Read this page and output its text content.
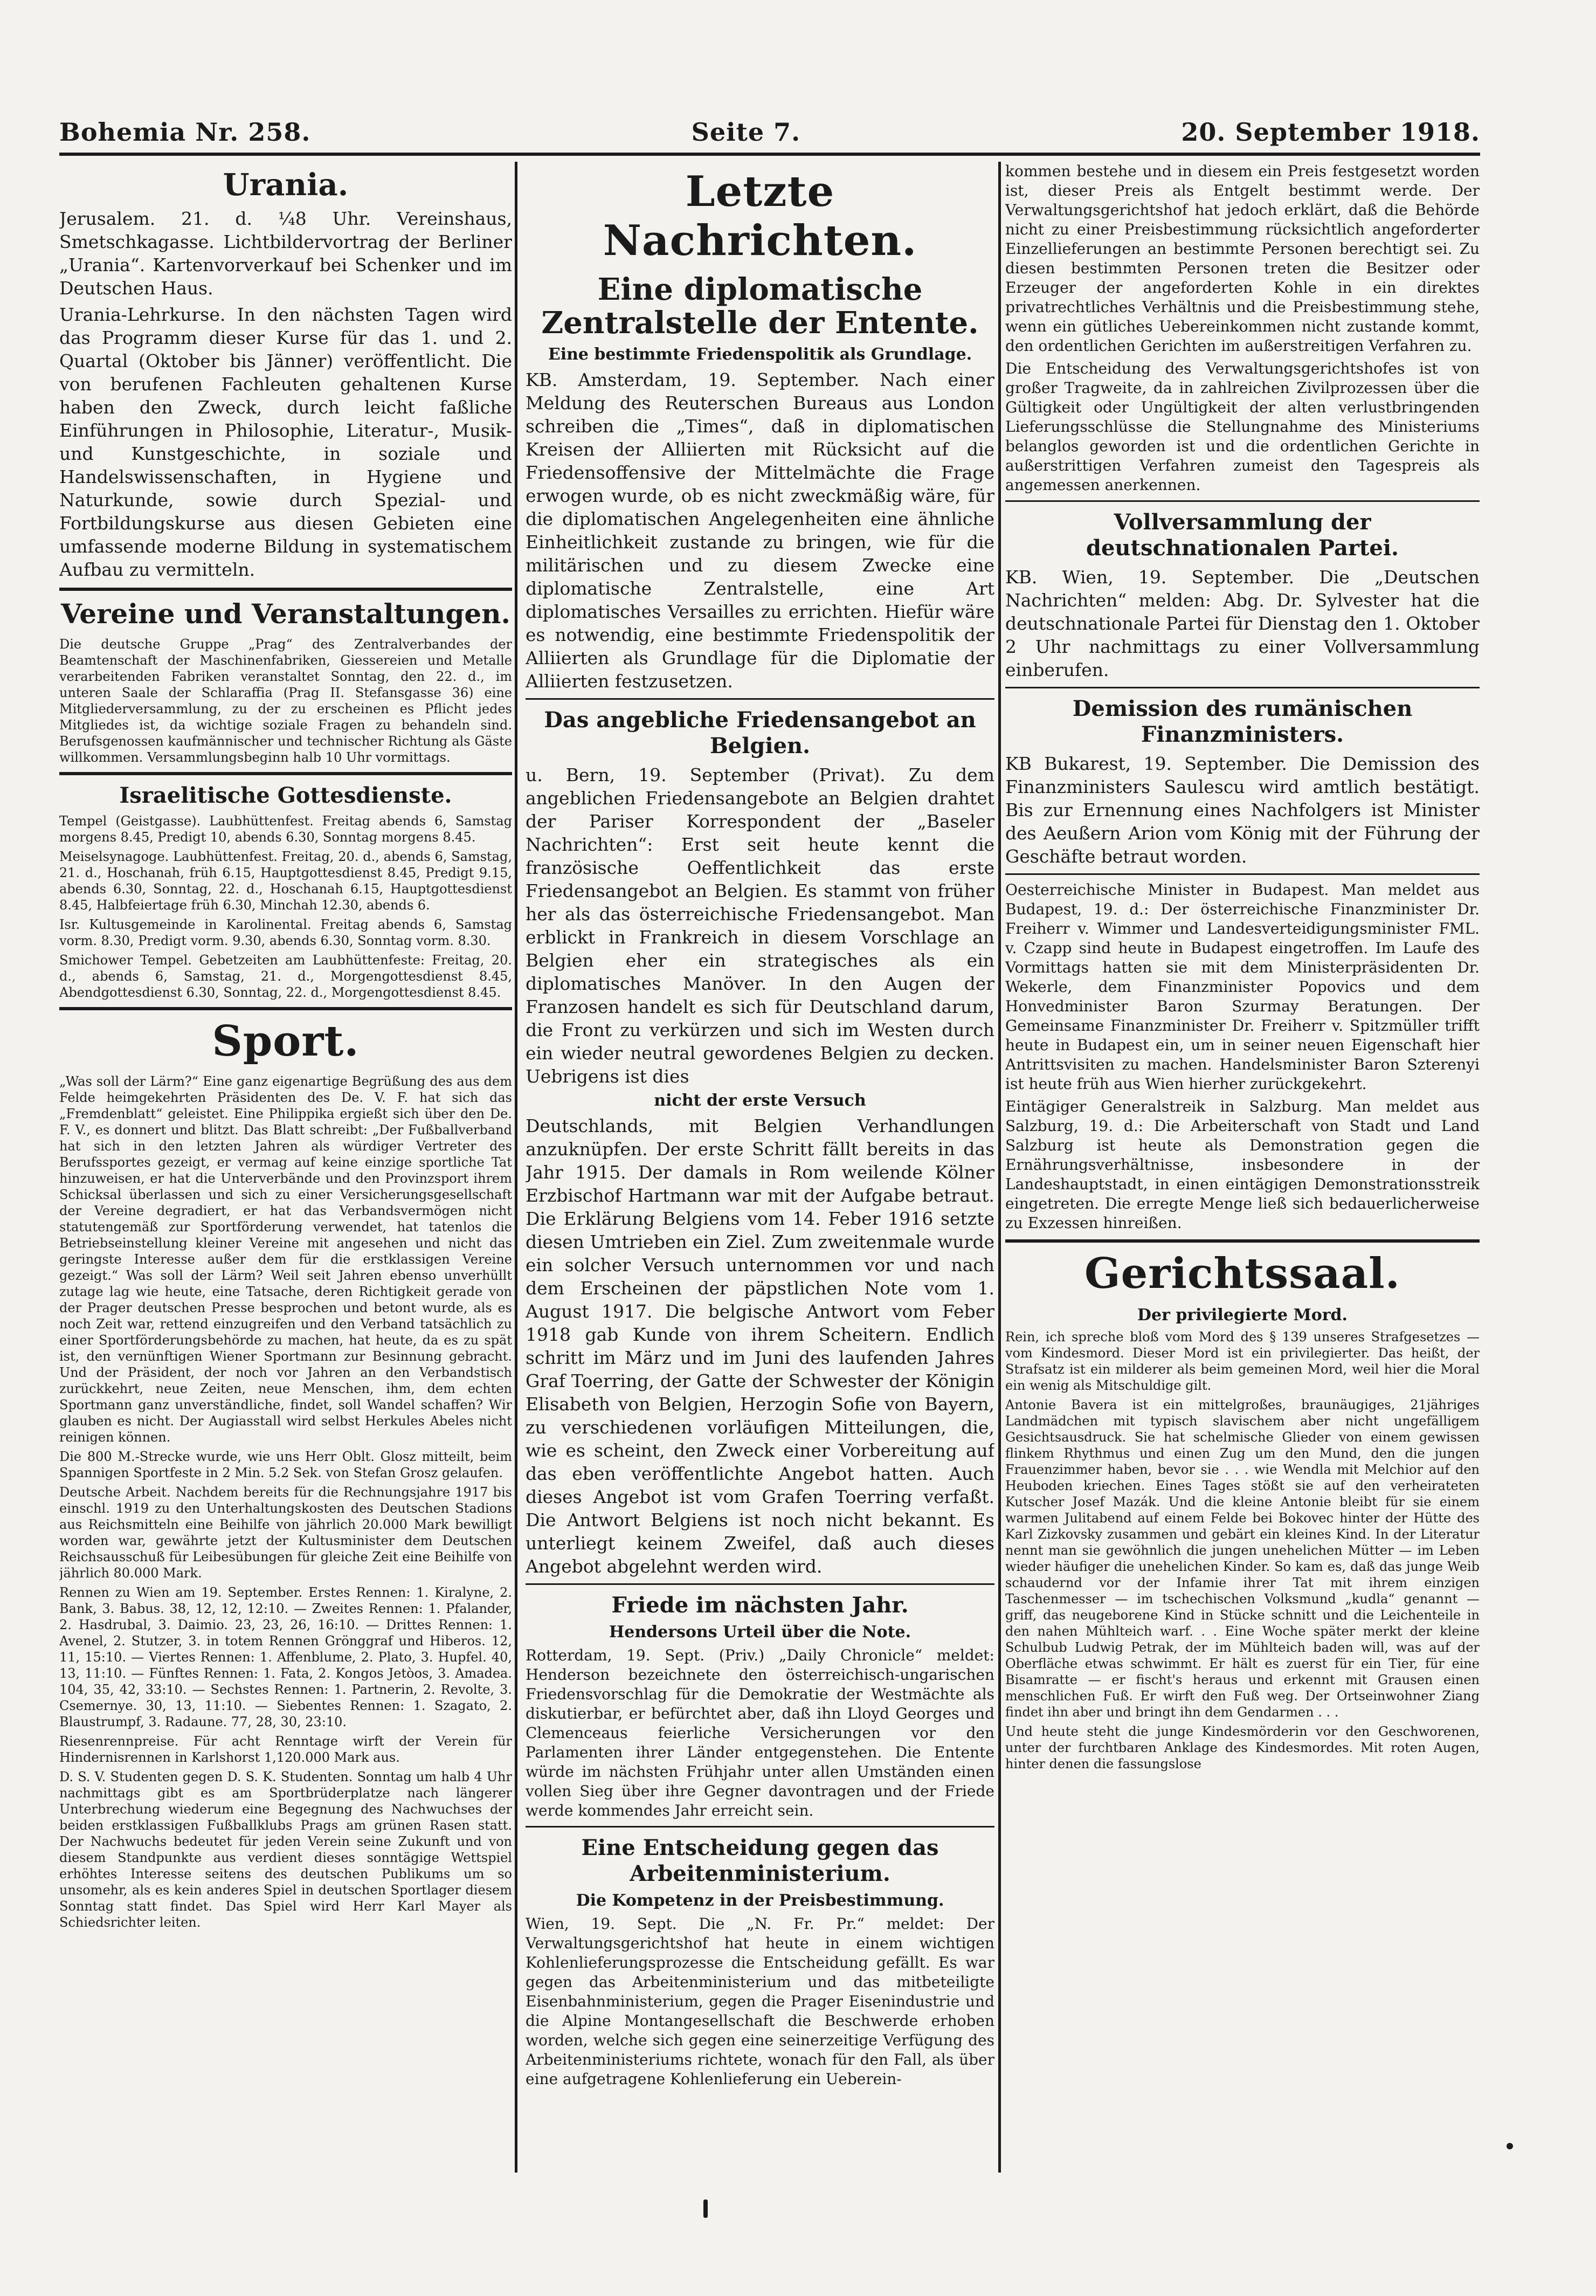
Bohemia Nr. 258.	Seite 7.	20. September 1918.
Urania.

Jerusalem. 21. d. ¼8 Uhr. Vereinshaus, Smetschkagasse. Lichtbildervortrag der Berliner „Urania“. Kartenvorverkauf bei Schenker und im Deutschen Haus.

Urania-Lehrkurse. In den nächsten Tagen wird das Programm dieser Kurse für das 1. und 2. Quartal (Oktober bis Jänner) veröffentlicht. Die von berufenen Fachleuten gehaltenen Kurse haben den Zweck, durch leicht faßliche Einführungen in Philosophie, Literatur-, Musik- und Kunstgeschichte, in soziale und Handelswissenschaften, in Hygiene und Naturkunde, sowie durch Spezial- und Fortbildungskurse aus diesen Gebieten eine umfassende moderne Bildung in systematischem Aufbau zu vermitteln.

Vereine und Veranstaltungen.

Die deutsche Gruppe „Prag“ des Zentralverbandes der Beamtenschaft der Maschinenfabriken, Giessereien und Metalle verarbeitenden Fabriken veranstaltet Sonntag, den 22. d., im unteren Saale der Schlaraffia (Prag II. Stefansgasse 36) eine Mitgliederversammlung, zu der zu erscheinen es Pflicht jedes Mitgliedes ist, da wichtige soziale Fragen zu behandeln sind. Berufsgenossen kaufmännischer und technischer Richtung als Gäste willkommen. Versammlungsbeginn halb 10 Uhr vormittags.

Israelitische Gottesdienste.

Tempel (Geistgasse). Laubhüttenfest. Freitag abends 6, Samstag morgens 8.45, Predigt 10, abends 6.30, Sonntag morgens 8.45.

Meiselsynagoge. Laubhüttenfest. Freitag, 20. d., abends 6, Samstag, 21. d., Hoschanah, früh 6.15, Hauptgottesdienst 8.45, Predigt 9.15, abends 6.30, Sonntag, 22. d., Hoschanah 6.15, Hauptgottesdienst 8.45, Halbfeiertage früh 6.30, Minchah 12.30, abends 6.

Isr. Kultusgemeinde in Karolinental. Freitag abends 6, Samstag vorm. 8.30, Predigt vorm. 9.30, abends 6.30, Sonntag vorm. 8.30.

Smichower Tempel. Gebetzeiten am Laubhüttenfeste: Freitag, 20. d., abends 6, Samstag, 21. d., Morgengottesdienst 8.45, Abendgottesdienst 6.30, Sonntag, 22. d., Morgengottesdienst 8.45.

Sport.

„Was soll der Lärm?“ Eine ganz eigenartige Begrüßung des aus dem Felde heimgekehrten Präsidenten des De. V. F. hat sich das „Fremdenblatt“ geleistet. Eine Philippika ergießt sich über den De. F. V., es donnert und blitzt. Das Blatt schreibt: „Der Fußballverband hat sich in den letzten Jahren als würdiger Vertreter des Berufssportes gezeigt, er vermag auf keine einzige sportliche Tat hinzuweisen, er hat die Unterverbände und den Provinzsport ihrem Schicksal überlassen und sich zu einer Versicherungsgesellschaft der Vereine degradiert, er hat das Verbandsvermögen nicht statutengemäß zur Sportförderung verwendet, hat tatenlos die Betriebseinstellung kleiner Vereine mit angesehen und nicht das geringste Interesse außer dem für die erstklassigen Vereine gezeigt.“ Was soll der Lärm? Weil seit Jahren ebenso unverhüllt zutage lag wie heute, eine Tatsache, deren Richtigkeit gerade von der Prager deutschen Presse besprochen und betont wurde, als es noch Zeit war, rettend einzugreifen und den Verband tatsächlich zu einer Sportförderungsbehörde zu machen, hat heute, da es zu spät ist, den vernünftigen Wiener Sportmann zur Besinnung gebracht. Und der Präsident, der noch vor Jahren an den Verbandstisch zurückkehrt, neue Zeiten, neue Menschen, ihm, dem echten Sportmann ganz unverständliche, findet, soll Wandel schaffen? Wir glauben es nicht. Der Augiasstall wird selbst Herkules Abeles nicht reinigen können.

Die 800 M.-Strecke wurde, wie uns Herr Oblt. Glosz mitteilt, beim Spannigen Sportfeste in 2 Min. 5.2 Sek. von Stefan Grosz gelaufen.

Deutsche Arbeit. Nachdem bereits für die Rechnungsjahre 1917 bis einschl. 1919 zu den Unterhaltungskosten des Deutschen Stadions aus Reichsmitteln eine Beihilfe von jährlich 20.000 Mark bewilligt worden war, gewährte jetzt der Kultusminister dem Deutschen Reichsausschuß für Leibesübungen für gleiche Zeit eine Beihilfe von jährlich 80.000 Mark.

Rennen zu Wien am 19. September. Erstes Rennen: 1. Kiralyne, 2. Bank, 3. Babus. 38, 12, 12, 12:10. — Zweites Rennen: 1. Pfalander, 2. Hasdrubal, 3. Daimio. 23, 23, 26, 16:10. — Drittes Rennen: 1. Avenel, 2. Stutzer, 3. in totem Rennen Grönggraf und Hiberos. 12, 11, 15:10. — Viertes Rennen: 1. Affenblume, 2. Plato, 3. Hupfel. 40, 13, 11:10. — Fünftes Rennen: 1. Fata, 2. Kongos Jetòos, 3. Amadea. 104, 35, 42, 33:10. — Sechstes Rennen: 1. Partnerin, 2. Revolte, 3. Csemernye. 30, 13, 11:10. — Siebentes Rennen: 1. Szagato, 2. Blaustrumpf, 3. Radaune. 77, 28, 30, 23:10.

Riesenrennpreise. Für acht Renntage wirft der Verein für Hindernisrennen in Karlshorst 1,120.000 Mark aus.

D. S. V. Studenten gegen D. S. K. Studenten. Sonntag um halb 4 Uhr nachmittags gibt es am Sportbrüderplatze nach längerer Unterbrechung wiederum eine Begegnung des Nachwuchses der beiden erstklassigen Fußballklubs Prags am grünen Rasen statt. Der Nachwuchs bedeutet für jeden Verein seine Zukunft und von diesem Standpunkte aus verdient dieses sonntägige Wettspiel erhöhtes Interesse seitens des deutschen Publikums um so unsomehr, als es kein anderes Spiel in deutschen Sportlager diesem Sonntag statt findet. Das Spiel wird Herr Karl Mayer als Schiedsrichter leiten.

Letzte Nachrichten.
Eine diplomatische Zentralstelle der Entente.
Eine bestimmte Friedenspolitik als Grundlage.

KB. Amsterdam, 19. September. Nach einer Meldung des Reuterschen Bureaus aus London schreiben die „Times“, daß in diplomatischen Kreisen der Alliierten mit Rücksicht auf die Friedensoffensive der Mittelmächte die Frage erwogen wurde, ob es nicht zweckmäßig wäre, für die diplomatischen Angelegenheiten eine ähnliche Einheitlichkeit zustande zu bringen, wie für die militärischen und zu diesem Zwecke eine diplomatische Zentralstelle, eine Art diplomatisches Versailles zu errichten. Hiefür wäre es notwendig, eine bestimmte Friedenspolitik der Alliierten als Grundlage für die Diplomatie der Alliierten festzusetzen.

Das angebliche Friedensangebot an Belgien.

u. Bern, 19. September (Privat). Zu dem angeblichen Friedensangebote an Belgien drahtet der Pariser Korrespondent der „Baseler Nachrichten“: Erst seit heute kennt die französische Oeffentlichkeit das erste Friedensangebot an Belgien. Es stammt von früher her als das österreichische Friedensangebot. Man erblickt in Frankreich in diesem Vorschlage an Belgien eher ein strategisches als ein diplomatisches Manöver. In den Augen der Franzosen handelt es sich für Deutschland darum, die Front zu verkürzen und sich im Westen durch ein wieder neutral gewordenes Belgien zu decken. Uebrigens ist dies

nicht der erste Versuch

Deutschlands, mit Belgien Verhandlungen anzuknüpfen. Der erste Schritt fällt bereits in das Jahr 1915. Der damals in Rom weilende Kölner Erzbischof Hartmann war mit der Aufgabe betraut. Die Erklärung Belgiens vom 14. Feber 1916 setzte diesen Umtrieben ein Ziel. Zum zweitenmale wurde ein solcher Versuch unternommen vor und nach dem Erscheinen der päpstlichen Note vom 1. August 1917. Die belgische Antwort vom Feber 1918 gab Kunde von ihrem Scheitern. Endlich schritt im März und im Juni des laufenden Jahres Graf Toerring, der Gatte der Schwester der Königin Elisabeth von Belgien, Herzogin Sofie von Bayern, zu verschiedenen vorläufigen Mitteilungen, die, wie es scheint, den Zweck einer Vorbereitung auf das eben veröffentlichte Angebot hatten. Auch dieses Angebot ist vom Grafen Toerring verfaßt. Die Antwort Belgiens ist noch nicht bekannt. Es unterliegt keinem Zweifel, daß auch dieses Angebot abgelehnt werden wird.

Friede im nächsten Jahr.
Hendersons Urteil über die Note.

Rotterdam, 19. Sept. (Priv.) „Daily Chronicle“ meldet: Henderson bezeichnete den österreichisch-ungarischen Friedensvorschlag für die Demokratie der Westmächte als diskutierbar, er befürchtet aber, daß ihn Lloyd Georges und Clemenceaus feierliche Versicherungen vor den Parlamenten ihrer Länder entgegenstehen. Die Entente würde im nächsten Frühjahr unter allen Umständen einen vollen Sieg über ihre Gegner davontragen und der Friede werde kommendes Jahr erreicht sein.

Eine Entscheidung gegen das Arbeitenministerium.
Die Kompetenz in der Preisbestimmung.

Wien, 19. Sept. Die „N. Fr. Pr.“ meldet: Der Verwaltungsgerichtshof hat heute in einem wichtigen Kohlenlieferungsprozesse die Entscheidung gefällt. Es war gegen das Arbeitenministerium und das mitbeteiligte Eisenbahnministerium, gegen die Prager Eisenindustrie und die Alpine Montangesellschaft die Beschwerde erhoben worden, welche sich gegen eine seinerzeitige Verfügung des Arbeitenministeriums richtete, wonach für den Fall, als über eine aufgetragene Kohlenlieferung ein Ueberein-

kommen bestehe und in diesem ein Preis festgesetzt worden ist, dieser Preis als Entgelt bestimmt werde. Der Verwaltungsgerichtshof hat jedoch erklärt, daß die Behörde nicht zu einer Preisbestimmung rücksichtlich angeforderter Einzellieferungen an bestimmte Personen berechtigt sei. Zu diesen bestimmten Personen treten die Besitzer oder Erzeuger der angeforderten Kohle in ein direktes privatrechtliches Verhältnis und die Preisbestimmung stehe, wenn ein gütliches Uebereinkommen nicht zustande kommt, den ordentlichen Gerichten im außerstreitigen Verfahren zu.

Die Entscheidung des Verwaltungsgerichtshofes ist von großer Tragweite, da in zahlreichen Zivilprozessen über die Gültigkeit oder Ungültigkeit der alten verlustbringenden Lieferungsschlüsse die Stellungnahme des Ministeriums belanglos geworden ist und die ordentlichen Gerichte in außerstrittigen Verfahren zumeist den Tagespreis als angemessen anerkennen.

Vollversammlung der deutschnationalen Partei.

KB. Wien, 19. September. Die „Deutschen Nachrichten“ melden: Abg. Dr. Sylvester hat die deutschnationale Partei für Dienstag den 1. Oktober 2 Uhr nachmittags zu einer Vollversammlung einberufen.

Demission des rumänischen Finanzministers.

KB Bukarest, 19. September. Die Demission des Finanzministers Saulescu wird amtlich bestätigt. Bis zur Ernennung eines Nachfolgers ist Minister des Aeußern Arion vom König mit der Führung der Geschäfte betraut worden.

Oesterreichische Minister in Budapest. Man meldet aus Budapest, 19. d.: Der österreichische Finanzminister Dr. Freiherr v. Wimmer und Landesverteidigungsminister FML. v. Czapp sind heute in Budapest eingetroffen. Im Laufe des Vormittags hatten sie mit dem Ministerpräsidenten Dr. Wekerle, dem Finanzminister Popovics und dem Honvedminister Baron Szurmay Beratungen. Der Gemeinsame Finanzminister Dr. Freiherr v. Spitzmüller trifft heute in Budapest ein, um in seiner neuen Eigenschaft hier Antrittsvisiten zu machen. Handelsminister Baron Szterenyi ist heute früh aus Wien hierher zurückgekehrt.

Eintägiger Generalstreik in Salzburg. Man meldet aus Salzburg, 19. d.: Die Arbeiterschaft von Stadt und Land Salzburg ist heute als Demonstration gegen die Ernährungsverhältnisse, insbesondere in der Landeshauptstadt, in einen eintägigen Demonstrationsstreik eingetreten. Die erregte Menge ließ sich bedauerlicherweise zu Exzessen hinreißen.

Gerichtssaal.
Der privilegierte Mord.

Rein, ich spreche bloß vom Mord des § 139 unseres Strafgesetzes — vom Kindesmord. Dieser Mord ist ein privilegierter. Das heißt, der Strafsatz ist ein milderer als beim gemeinen Mord, weil hier die Moral ein wenig als Mitschuldige gilt.

Antonie Bavera ist ein mittelgroßes, braunäugiges, 21jähriges Landmädchen mit typisch slavischem aber nicht ungefälligem Gesichtsausdruck. Sie hat schelmische Glieder von einem gewissen flinkem Rhythmus und einen Zug um den Mund, den die jungen Frauenzimmer haben, bevor sie . . . wie Wendla mit Melchior auf den Heuboden kriechen. Eines Tages stößt sie auf den verheirateten Kutscher Josef Mazák. Und die kleine Antonie bleibt für sie einem warmen Julitabend auf einem Felde bei Bokovec hinter der Hütte des Karl Zizkovsky zusammen und gebärt ein kleines Kind. In der Literatur nennt man sie gewöhnlich die jungen unehelichen Mütter — im Leben wieder häufiger die unehelichen Kinder. So kam es, daß das junge Weib schaudernd vor der Infamie ihrer Tat mit ihrem einzigen Taschenmesser — im tschechischen Volksmund „kudla“ genannt — griff, das neugeborene Kind in Stücke schnitt und die Leichenteile in den nahen Mühlteich warf. . . Eine Woche später merkt der kleine Schulbub Ludwig Petrak, der im Mühlteich baden will, was auf der Oberfläche etwas schwimmt. Er hält es zuerst für ein Tier, für eine Bisamratte — er fischt's heraus und erkennt mit Grausen einen menschlichen Fuß. Er wirft den Fuß weg. Der Ortseinwohner Ziang findet ihn aber und bringt ihn dem Gendarmen . . .

Und heute steht die junge Kindesmörderin vor den Geschworenen, unter der furchtbaren Anklage des Kindesmordes. Mit roten Augen, hinter denen die fassungslose
